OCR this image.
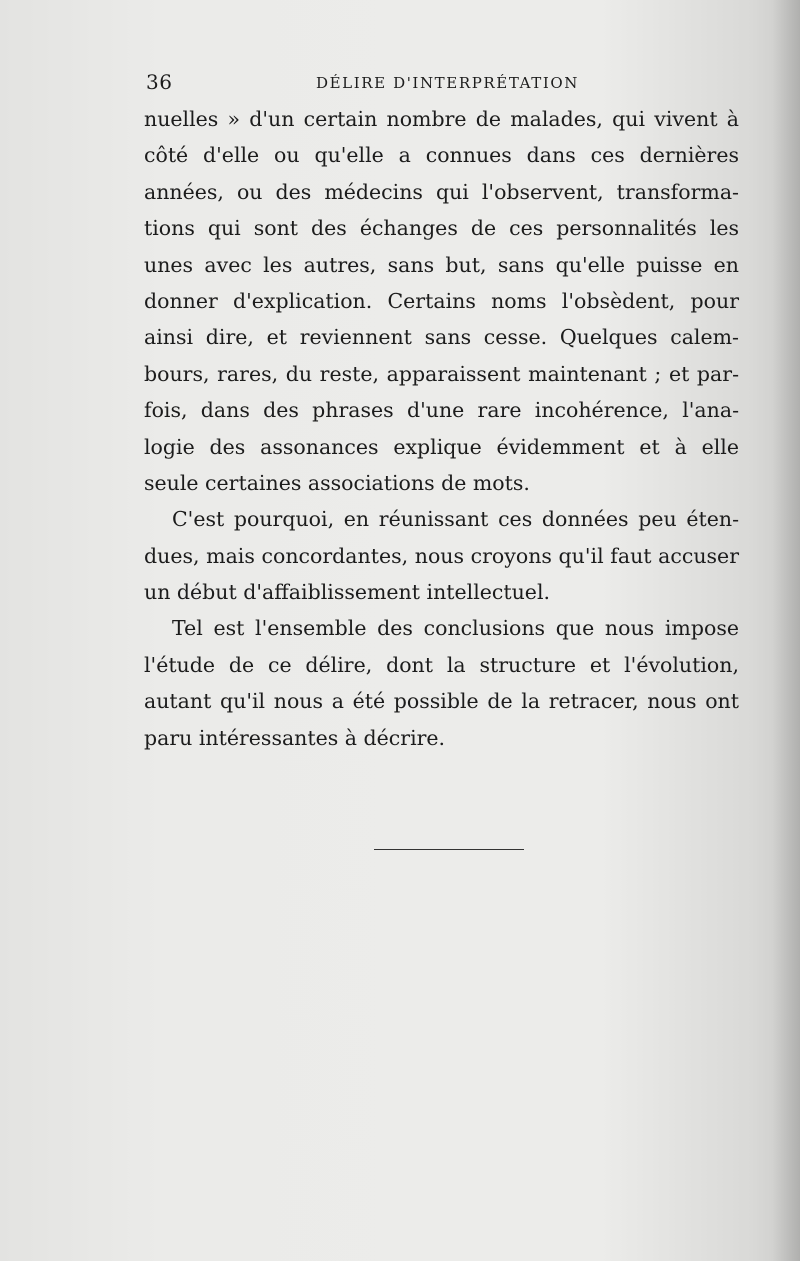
36	DÉLIRE D'INTERPRÉTATION
nuelles » d'un certain nombre de malades, qui vivent à
côté d'elle ou qu'elle a connues dans ces dernières
années, ou des médecins qui l'observent, transforma-
tions qui sont des échanges de ces personnalités les
unes avec les autres, sans but, sans qu'elle puisse en
donner d'explication. Certains noms l'obsèdent, pour
ainsi dire, et reviennent sans cesse. Quelques calem-
bours, rares, du reste, apparaissent maintenant ; et par-
fois, dans des phrases d'une rare incohérence, l'ana-
logie des assonances explique évidemment et à elle
seule certaines associations de mots.
C'est pourquoi, en réunissant ces données peu éten-
dues, mais concordantes, nous croyons qu'il faut accuser
un début d'affaiblissement intellectuel.
Tel est l'ensemble des conclusions que nous impose
l'étude de ce délire, dont la structure et l'évolution,
autant qu'il nous a été possible de la retracer, nous ont
paru intéressantes à décrire.
